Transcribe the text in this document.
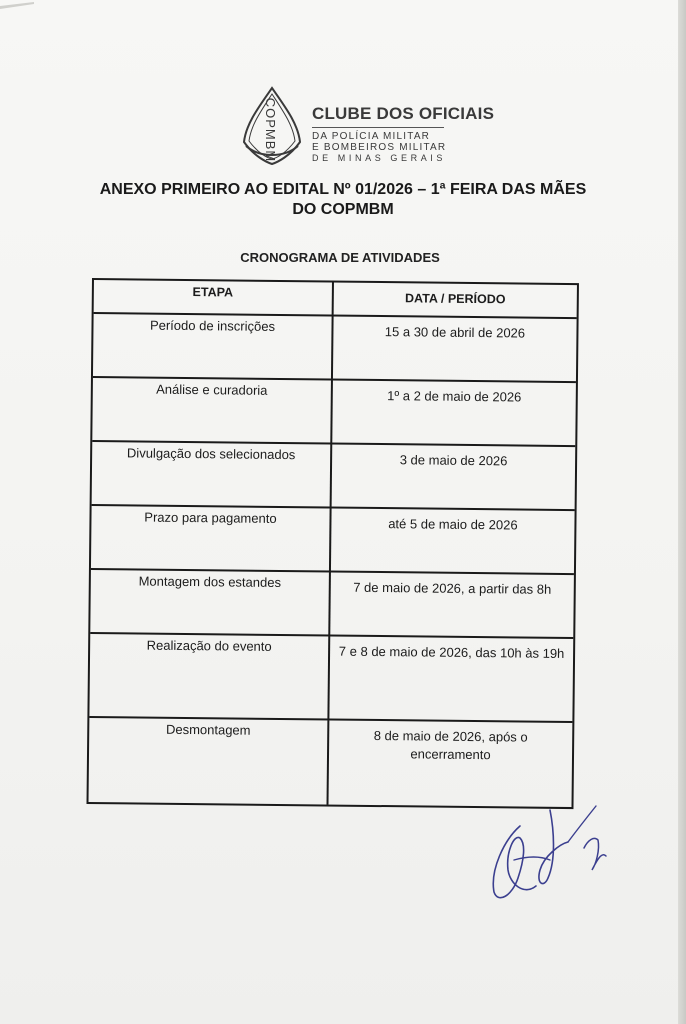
COPMBM CLUBE DOS OFICIAIS
DA POLÍCIA MILITAR
E BOMBEIROS MILITAR
DE MINAS GERAIS
ANEXO PRIMEIRO AO EDITAL Nº 01/2026 – 1ª FEIRA DAS MÃES
DO COPMBM
CRONOGRAMA DE ATIVIDADES
ETAPA	DATA / PERÍODO
Período de inscrições	15 a 30 de abril de 2026
Análise e curadoria	1º a 2 de maio de 2026
Divulgação dos selecionados	3 de maio de 2026
Prazo para pagamento	até 5 de maio de 2026
Montagem dos estandes	7 de maio de 2026, a partir das 8h
Realização do evento	7 e 8 de maio de 2026, das 10h às 19h
Desmontagem	8 de maio de 2026, após o encerramento
